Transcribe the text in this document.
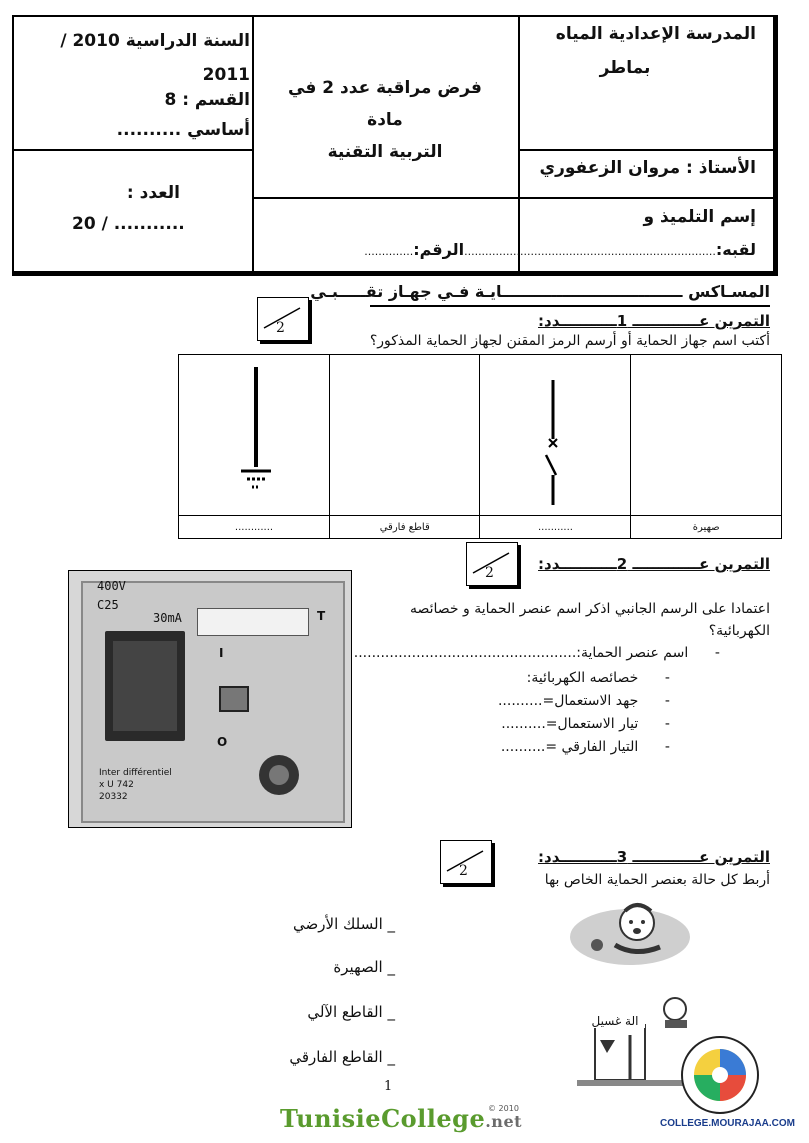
المدرسة الإعدادية المياه
بماطر
الأستاذ : مروان الزعفوري
فرض مراقبة عدد 2 في
مادة
التربية التقنية
السنة الدراسية 2010 / 2011
القسم : 8
أساسي ..........
العدد :
20 / ...........	إسم التلميذ و
لقبه:........................................................................الرقم:..............
المسـاكس ـــــــــــــــــــــــــــــــــايـة فـي جهـاز تقـــــبـي
2	التمرين عـــــــــــــ 1ـــــــــــدد:
أكتب اسم جهاز الحماية أو أرسم الرمز المقنن لجهاز الحماية المذكور؟

............	قاطع فارقي	...........	صهيرة
2	التمرين عـــــــــــــ 2ـــــــــــدد:
اعتمادا على الرسم الجانبي اذكر اسم عنصر الحماية و خصائصه الكهربائية؟
-      اسم عنصر الحماية:..................................................
-      خصائصه الكهربائية:
-      جهد الاستعمال=..........
-      تيار الاستعمال=..........
-      التيار الفارقي =..........
400V
C25
30mA	T
I
O
Inter différentiel
x U 742
20332
2
التمرين عـــــــــــــ 3ـــــــــــدد:
أربط كل حالة بعنصر الحماية الخاص بها
_ السلك الأرضي
_ الصهيرة
_ القاطع الآلي
_ القاطع الفارقي
الة غسيل
1
TunisieCollege.net
© 2010
COLLEGE.MOURAJAA.COM
